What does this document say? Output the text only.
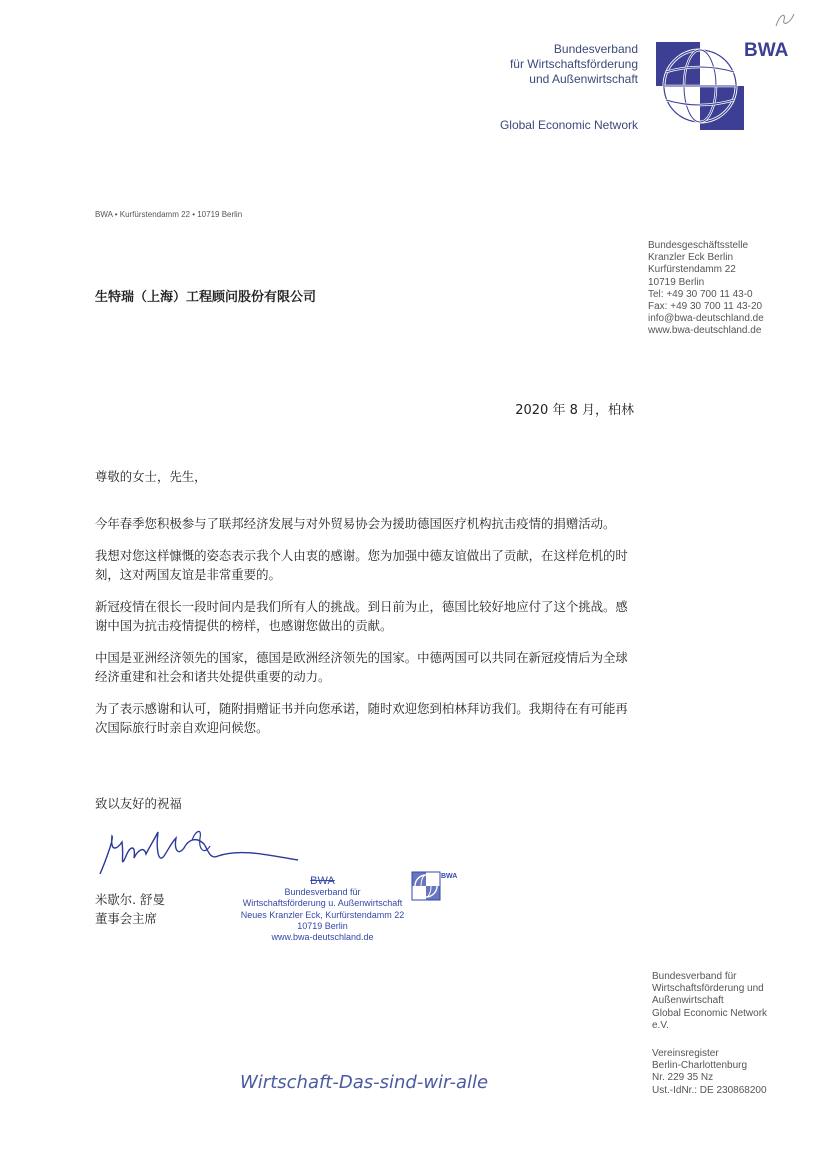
Bundesverband
für Wirtschaftsförderung
und Außenwirtschaft
Global Economic Network
BWA
BWA • Kurfürstendamm 22 • 10719 Berlin
Bundesgeschäftsstelle
Kranzler Eck Berlin
Kurfürstendamm 22
10719 Berlin
Tel: +49 30 700 11 43-0
Fax: +49 30 700 11 43-20
info@bwa-deutschland.de
www.bwa-deutschland.de
生特瑞（上海）工程顾问股份有限公司
2020 年 8 月，柏林

尊敬的女士，先生，

今年春季您积极参与了联邦经济发展与对外贸易协会为援助德国医疗机构抗击疫情的捐赠活动。

我想对您这样慷慨的姿态表示我个人由衷的感谢。您为加强中德友谊做出了贡献，在这样危机的时刻，这对两国友谊是非常重要的。

新冠疫情在很长一段时间内是我们所有人的挑战。到日前为止，德国比较好地应付了这个挑战。感谢中国为抗击疫情提供的榜样，也感谢您做出的贡献。

中国是亚洲经济领先的国家，德国是欧洲经济领先的国家。中德两国可以共同在新冠疫情后为全球经济重建和社会和诸共处提供重要的动力。

为了表示感谢和认可，随附捐赠证书并向您承诺，随时欢迎您到柏林拜访我们。我期待在有可能再次国际旅行时亲自欢迎问候您。

致以友好的祝福
米歇尔. 舒曼
董事会主席
BWA
Bundesverband für
Wirtschaftsförderung u. Außenwirtschaft
Neues Kranzler Eck, Kurfürstendamm 22
10719 Berlin
www.bwa-deutschland.de
BWA
Bundesverband für
Wirtschaftsförderung und
Außenwirtschaft
Global Economic Network
e.V.
Vereinsregister
Berlin-Charlottenburg
Nr. 229 35 Nz
Ust.-IdNr.: DE 230868200
Wirtschaft-Das-sind-wir-alle
